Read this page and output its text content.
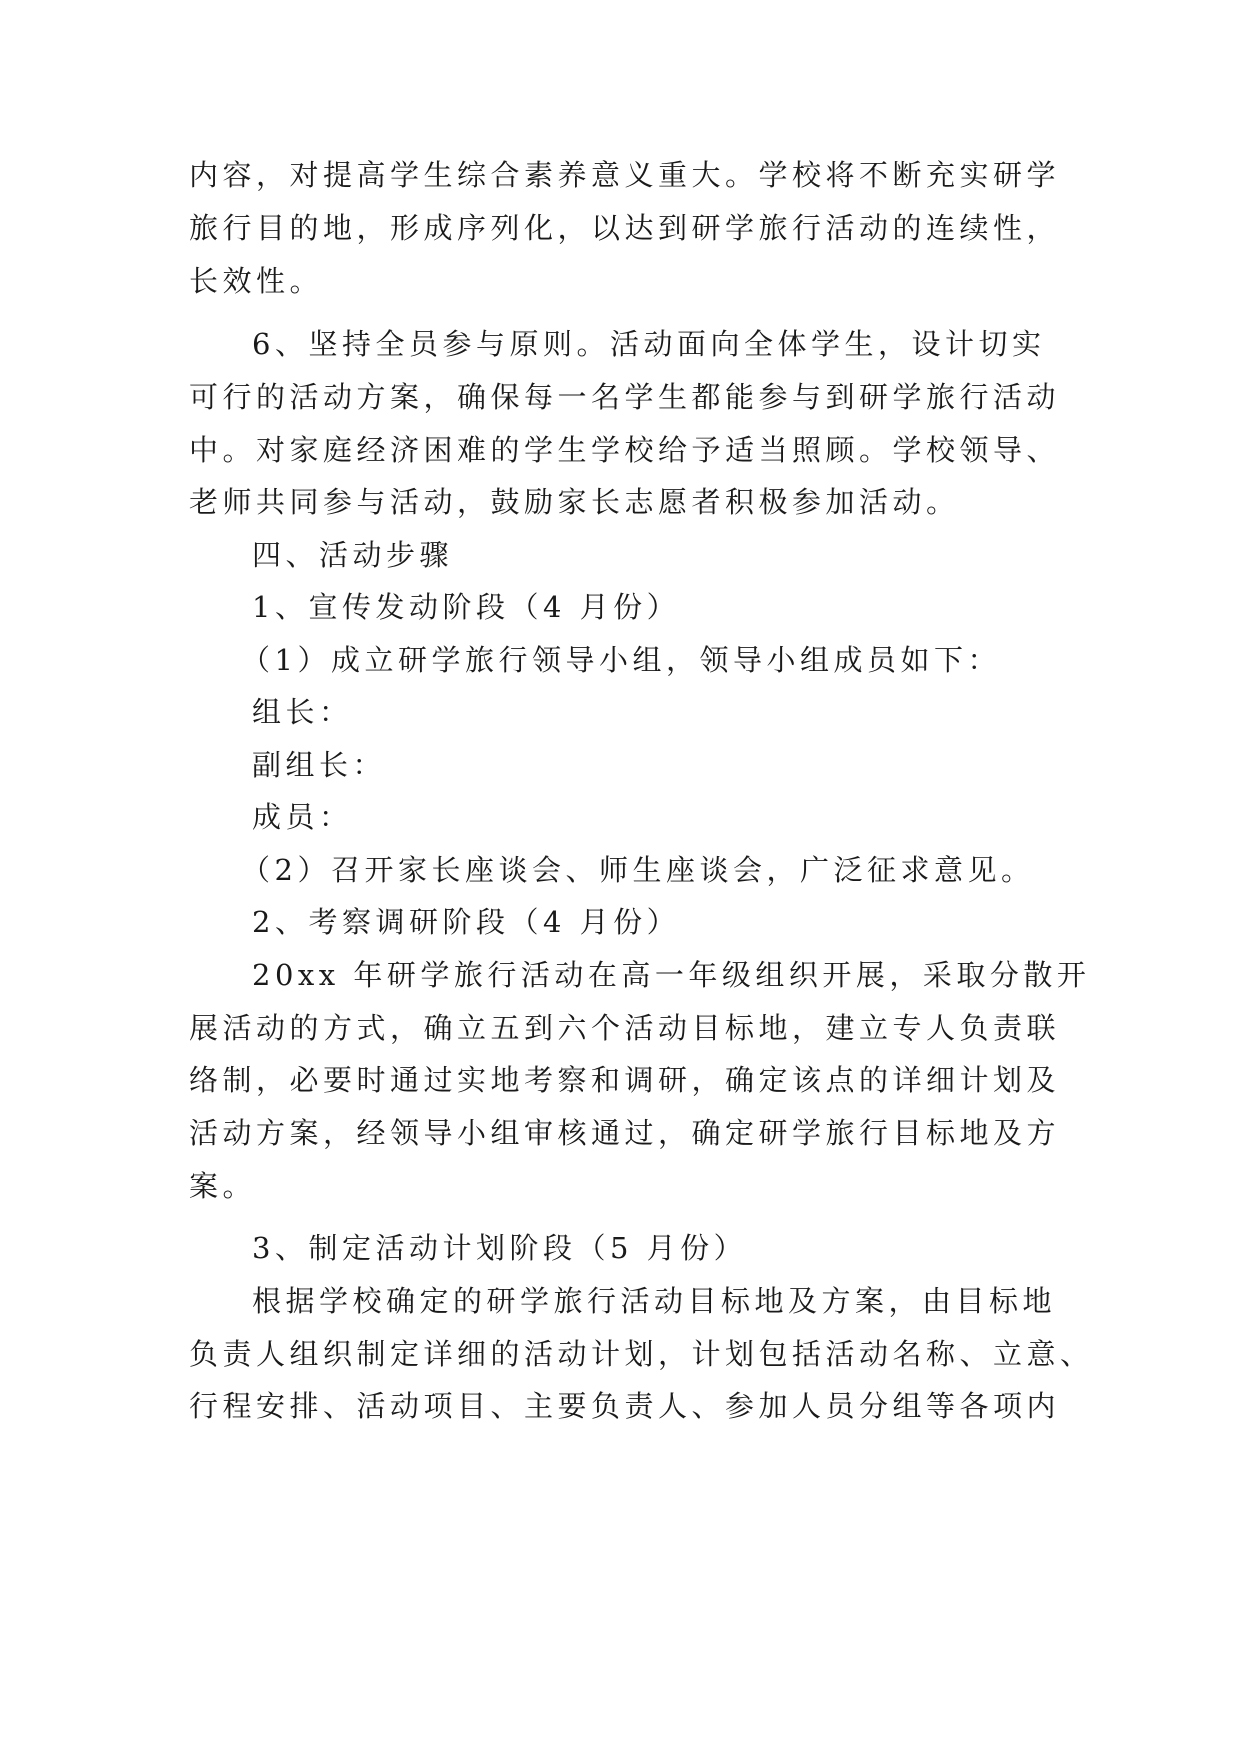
内容，对提高学生综合素养意义重大。学校将不断充实研学
旅行目的地，形成序列化，以达到研学旅行活动的连续性，
长效性。
6、坚持全员参与原则。活动面向全体学生，设计切实
可行的活动方案，确保每一名学生都能参与到研学旅行活动
中。对家庭经济困难的学生学校给予适当照顾。学校领导、
老师共同参与活动，鼓励家长志愿者积极参加活动。
四、活动步骤
1、宣传发动阶段（4 月份）
（1）成立研学旅行领导小组，领导小组成员如下：
组长：
副组长：
成员：
（2）召开家长座谈会、师生座谈会，广泛征求意见。
2、考察调研阶段（4 月份）
20xx 年研学旅行活动在高一年级组织开展，采取分散开
展活动的方式，确立五到六个活动目标地，建立专人负责联
络制，必要时通过实地考察和调研，确定该点的详细计划及
活动方案，经领导小组审核通过，确定研学旅行目标地及方
案。
3、制定活动计划阶段（5 月份）
根据学校确定的研学旅行活动目标地及方案，由目标地
负责人组织制定详细的活动计划，计划包括活动名称、立意、
行程安排、活动项目、主要负责人、参加人员分组等各项内
